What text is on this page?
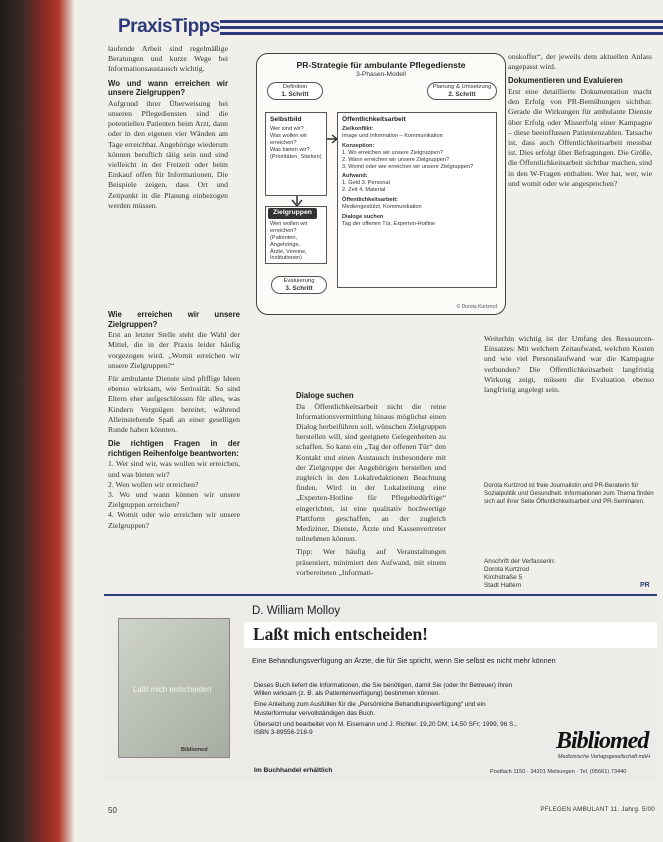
PraxisTipps

laufende Arbeit sind regelmäßige Beratungen und kurze Wege bei Informationsaustausch wichtig.

Wo und wann erreichen wir unsere Zielgruppen?

Aufgrund ihrer Überweisung bei unseren Pflegediensten sind die potentiellen Patienten beim Arzt, dann oder in den eigenen vier Wänden am Tage erreichbar. Angehörige wiederum können beruflich tätig sein und sind vielleicht in der Freizeit oder beim Einkauf offen für Informationen. Die Beispiele zeigen, dass Ort und Zeitpunkt in die Planung einbezogen werden müssen.

Wie erreichen wir unsere Zielgruppen?

Erst an letzter Stelle steht die Wahl der Mittel, die in der Praxis leider häufig vorgezogen wird. „Womit erreichen wir unsere Zielgruppen?“

Für ambulante Dienste sind pfiffige Ideen ebenso wirksam, wie Seriosität. So sind Eltern eher aufgeschlossen für alles, was Kindern Vergnügen bereitet, während Alleinstehende Spaß an einer geselligen Runde haben könnten.

Die richtigen Fragen in der richtigen Reihenfolge beantworten:

1. Wer sind wir, was wollen wir erreichen, und was bieten wir?

2. Wen wollen wir erreichen?

3. Wo und wann können wir unsere Zielgruppen erreichen?

4. Womit oder wie erreichen wir unsere Zielgruppen?

PR-Strategie für ambulante Pflegedienste
3-Phasen-Modell
Definition
1. Schritt
Planung & Umsetzung
2. Schritt
Selbstbild
Wer sind wir?
Was wollen wir erreichen?
Was bieten wir?
(Prioritäten, Stärken)
Zielgruppen
Wen wollen wir
erreichen?
(Patienten, Angehörige,
Ärzte, Vereine,
Institutionen)
Evaluierung
3. Schritt
Öffentlichkeitsarbeit
Zielkonflikt:
Image und Information – Kommunikation
Konzeption:
1. Wo erreichen wir unsere Zielgruppen?
2. Wann erreichen wir unsere Zielgruppen?
3. Womit oder wie erreichen wir unsere Zielgruppen?
Aufwand:
1. Geld 3. Personal
2. Zeit 4. Material
Öffentlichkeitsarbeit:
Mediengestützt, Kommunikation
Dialoge suchen
Tag der offenen Tür, Experten-Hotline
© Dorota Kurtzrod
Dialoge suchen

Da Öffentlichkeitsarbeit nicht die reine Informationsvermittlung hinaus möglichst einen Dialog herbeiführen soll, wünschen Zielgruppen herstellen will, sind geeignete Gelegenheiten zu schaffen. So kann ein „Tag der offenen Tür“ den Kontakt und einen Austausch insbesondere mit der Zielgruppe der Angehörigen herstellen und zugleich in den Lokalredaktionen Beachtung finden. Wird in der Lokalzeitung eine „Experten-Hotline für Pflegebedürftige“ eingerichtet, ist eine qualitativ hochwertige Plattform geschaffen, an der zugleich Mediziner, Dienste, Ärzte und Kassenvertreter teilnehmen können.

Tipp: Wer häufig auf Veranstaltungen präsentiert, minimiert den Aufwand, mit einem vorbereiteten „Informati-

onskoffer“, der jeweils dem aktuellen Anlass angepasst wird.

Dokumentieren und Evaluieren

Erst eine detaillierte Dokumentation macht den Erfolg von PR-Bemühungen sichtbar. Gerade die Wirkungen für ambulante Dienste über Erfolg oder Misserfolg einer Kampagne – diese beeinflussen Patientenzahlen. Tatsache ist, dass auch Öffentlichkeitsarbeit messbar ist. Dies erfolgt über Befragungen. Die Größe, die Öffentlichkeitsarbeit sichtbar machen, sind in den W-Fragen enthalten. Wer hat, wer, wie und womit oder wie angesprochen?

Weiterhin wichtig ist der Umfang des Ressourcen-Einsatzes: Mit welchem Zeitaufwand, welchen Kosten und wie viel Personalaufwand war die Kampagne verbunden? Die Öffentlichkeitsarbeit langfristig Wirkung zeigt, müssen die Evaluation ebenso langfristig angelegt sein.

Dorota Kurtzrod ist freie Journalistin und PR-Beraterin für Sozialpolitik und Gesundheit. Informationen zum Thema finden sich auf ihrer Seite Öffentlichkeitsarbeit und PR-Seminaren.
Anschrift der Verfasserin:
Dorota Kurtzrod
Kirchstraße 5
Stadt Haltern	PR
Laßt mich entscheiden
Bibliomed
D. William Molloy
Laßt mich entscheiden!
Eine Behandlungsverfügung an Ärzte, die für Sie spricht, wenn Sie selbst es nicht mehr können

Dieses Buch liefert die Informationen, die Sie benötigen, damit Sie (oder Ihr Betreuer) Ihren Willen wirksam (z. B. als Patientenverfügung) bestimmen können.

Eine Anleitung zum Ausfüllen für die „Persönliche Behandlungsverfügung“ und ein Musterformular vervollständigen das Buch.

Übersetzt und bearbeitet von M. Eisemann und J. Richter. 19,20 DM; 14,50 SFr; 1999, 96 S., ISBN 3-89556-218-9

Im Buchhandel erhältlich
Bibliomed
Medizinische Verlagsgesellschaft mbH
Postfach 1150 · 34201 Melsungen · Tel. (05661) 73440
50	PFLEGEN AMBULANT 11. Jahrg. 5/00
